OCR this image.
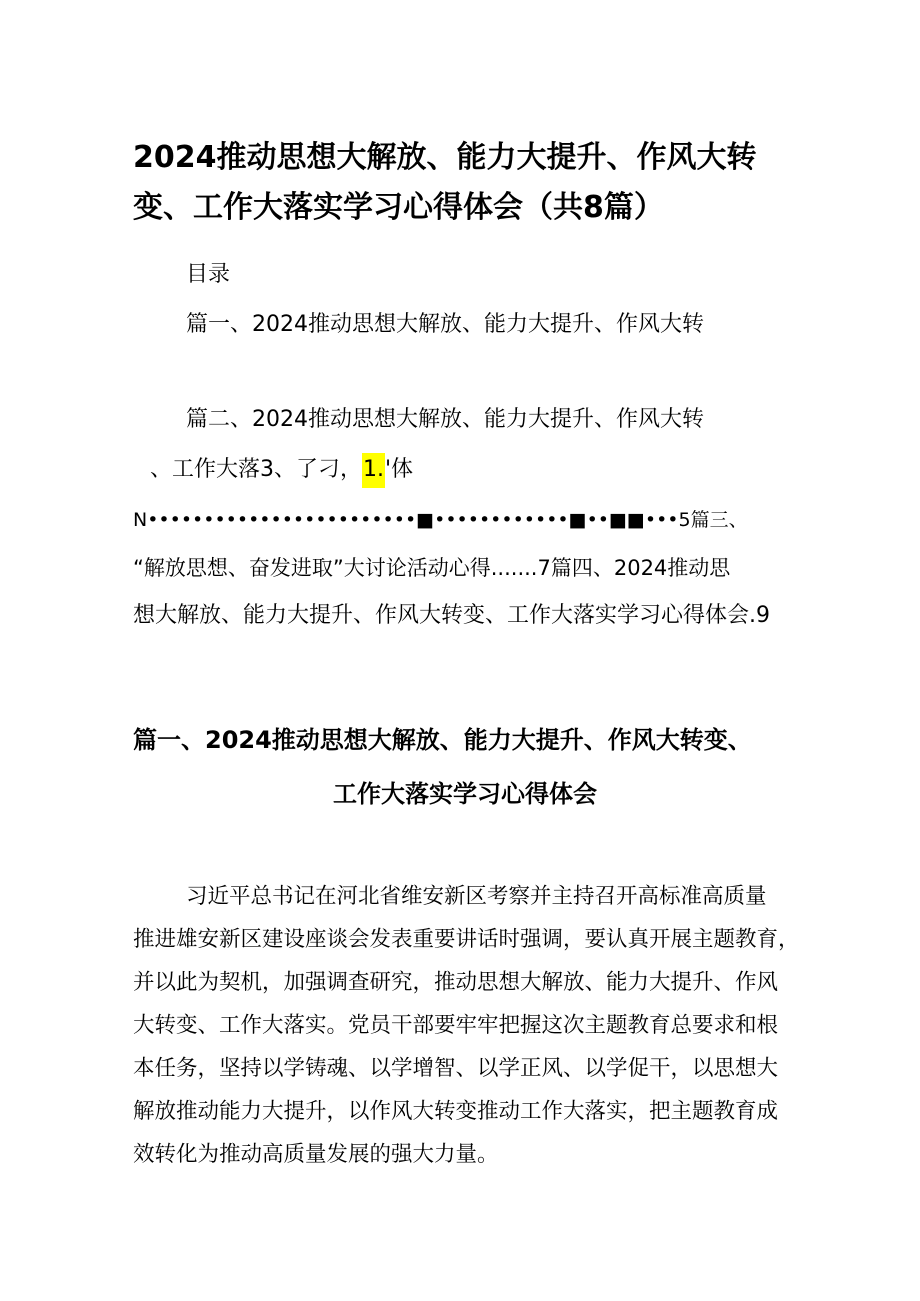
2024推动思想大解放、能力大提升、作风大转
变、工作大落实学习心得体会（共8篇）
目录
篇一、2024推动思想大解放、能力大提升、作风大转
篇二、2024推动思想大解放、能力大提升、作风大转
、工作大落3、了刁，1.'体
N••••••••••••••••••••••••■••••••••••••■••■■•••5篇三、
“解放思想、奋发进取”大讨论活动心得.......7篇四、2024推动思
想大解放、能力大提升、作风大转变、工作大落实学习心得体会.9
篇一、2024推动思想大解放、能力大提升、作风大转变、
工作大落实学习心得体会
习近平总书记在河北省维安新区考察并主持召开高标准高质量
推进雄安新区建设座谈会发表重要讲话时强调，要认真开展主题教育，
并以此为契机，加强调查研究，推动思想大解放、能力大提升、作风
大转变、工作大落实。党员干部要牢牢把握这次主题教育总要求和根
本任务，坚持以学铸魂、以学增智、以学正风、以学促干，以思想大
解放推动能力大提升，以作风大转变推动工作大落实，把主题教育成
效转化为推动高质量发展的强大力量。
